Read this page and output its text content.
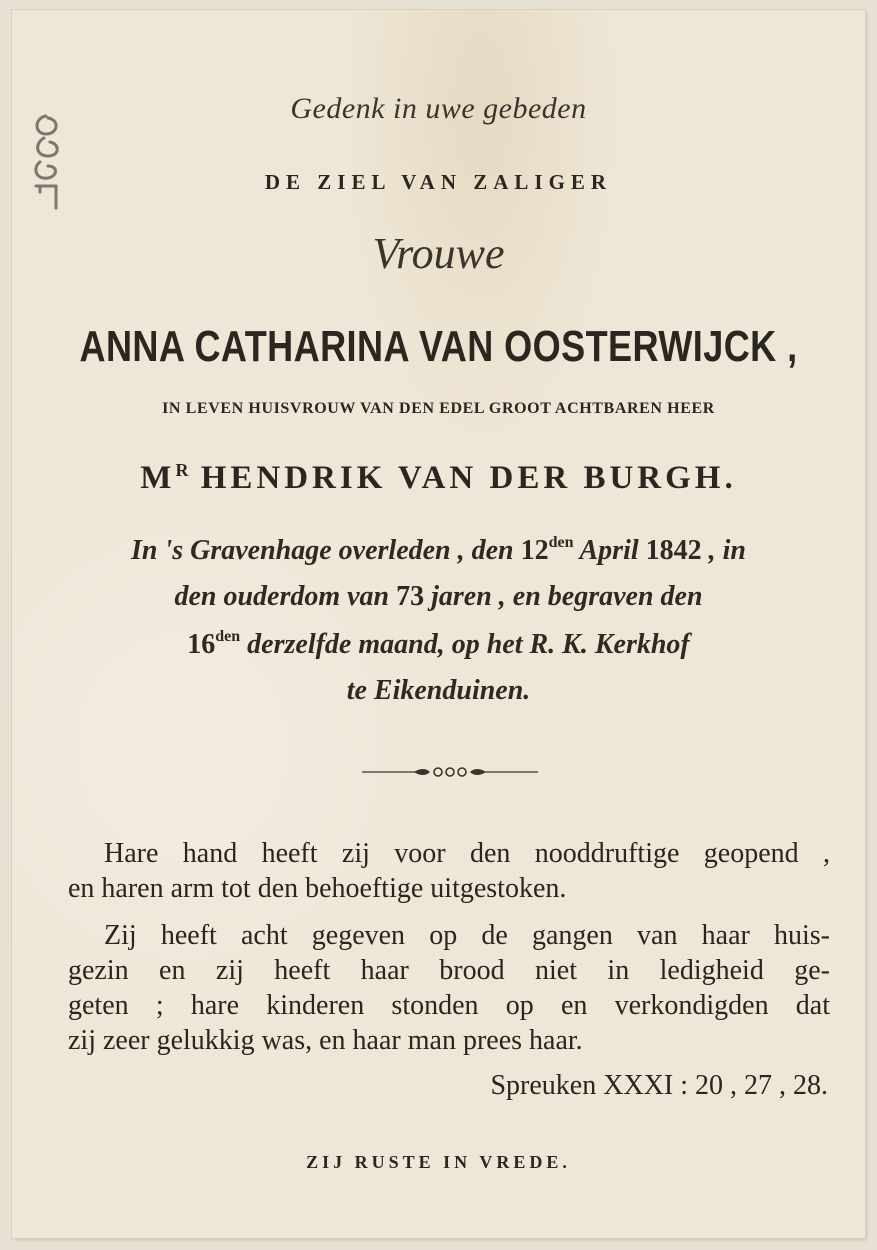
Gedenk in uwe gebeden
DE ZIEL VAN ZALIGER
Vrouwe
ANNA CATHARINA VAN OOSTERWIJCK ,
IN LEVEN HUISVROUW VAN DEN EDEL GROOT ACHTBAREN HEER
$M^R$ HENDRIK VAN DER BURGH.
In 's Gravenhage overleden , den $12^{den}$ April 1842 , in
den ouderdom van 73 jaren , en begraven den
$16^{den}$ derzelfde maand, op het R. K. Kerkhof
te Eikenduinen.
Hare hand heeft zij voor den nooddruftige geopend ,
en haren arm tot den behoeftige uitgestoken.
Zij heeft acht gegeven op de gangen van haar huis-
gezin en zij heeft haar brood niet in ledigheid ge-
geten ; hare kinderen stonden op en verkondigden dat
zij zeer gelukkig was, en haar man prees haar.
Spreuken XXXI : 20 , 27 , 28.
ZIJ RUSTE IN VREDE.
